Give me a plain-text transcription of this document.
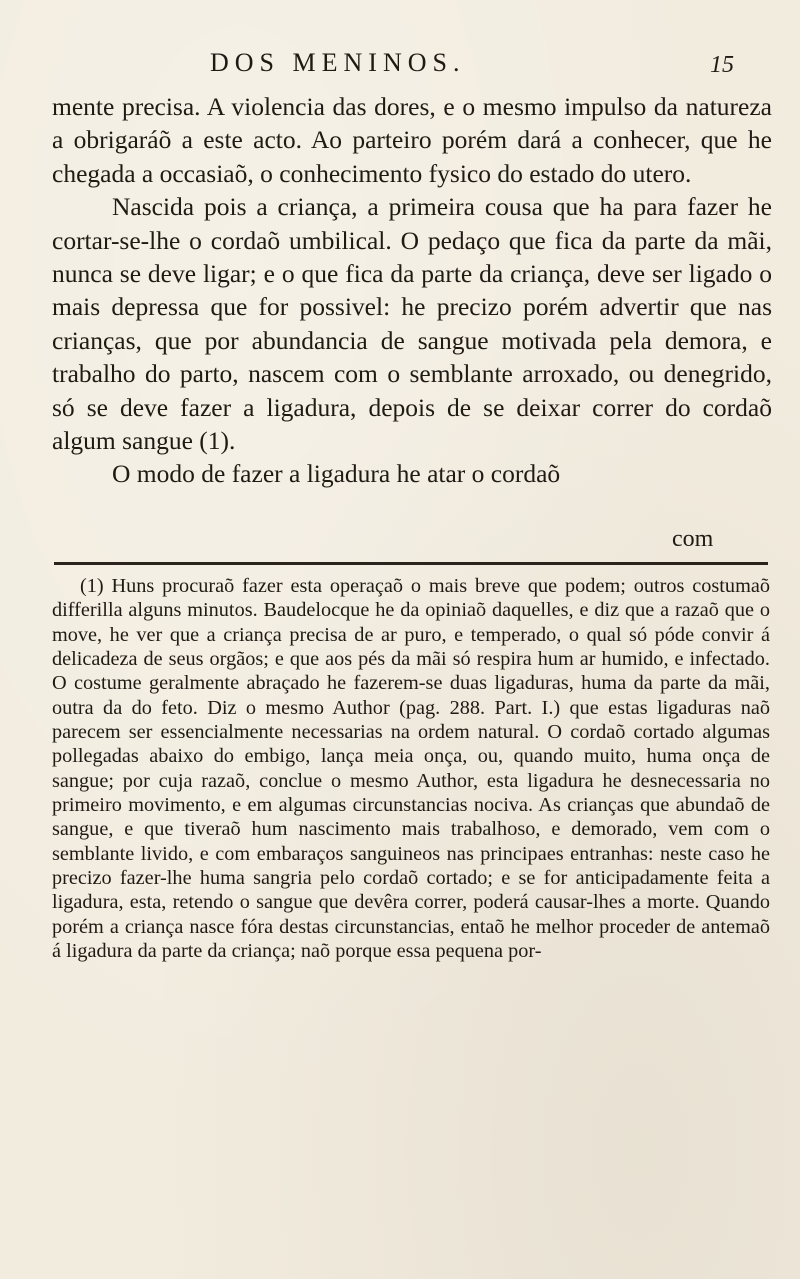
DOS MENINOS.	15

mente precisa. A violencia das dores, e o mesmo impulso da natureza a obrigaráõ a este acto. Ao parteiro porém dará a conhecer, que he chegada a occasiaõ, o conhecimento fysico do estado do utero.

Nascida pois a criança, a primeira cousa que ha para fazer he cortar-se-lhe o cordaõ umbilical. O pedaço que fica da parte da mãi, nunca se deve ligar; e o que fica da parte da criança, deve ser ligado o mais depressa que for possivel: he precizo porém advertir que nas crianças, que por abundancia de sangue motivada pela demora, e trabalho do parto, nascem com o semblante arroxado, ou denegrido, só se deve fazer a ligadura, depois de se deixar correr do cordaõ algum sangue (1).

O modo de fazer a ligadura he atar o cordaõ

com

(1) Huns procuraõ fazer esta operaçaõ o mais breve que podem; outros costumaõ differilla alguns minutos. Baudelocque he da opiniaõ daquelles, e diz que a razaõ que o move, he ver que a criança precisa de ar puro, e temperado, o qual só póde convir á delicadeza de seus orgãos; e que aos pés da mãi só respira hum ar humido, e infectado. O costume geralmente abraçado he fazerem-se duas ligaduras, huma da parte da mãi, outra da do feto. Diz o mesmo Author (pag. 288. Part. I.) que estas ligaduras naõ parecem ser essencialmente necessarias na ordem natural. O cordaõ cortado algumas pollegadas abaixo do embigo, lança meia onça, ou, quando muito, huma onça de sangue; por cuja razaõ, conclue o mesmo Author, esta ligadura he desnecessaria no primeiro movimento, e em algumas circunstancias nociva. As crianças que abundaõ de sangue, e que tiveraõ hum nascimento mais trabalhoso, e demorado, vem com o semblante livido, e com embaraços sanguineos nas principaes entranhas: neste caso he precizo fazer-lhe huma sangria pelo cordaõ cortado; e se for anticipadamente feita a ligadura, esta, retendo o sangue que devêra correr, poderá causar-lhes a morte. Quando porém a criança nasce fóra destas circunstancias, entaõ he melhor proceder de antemaõ á ligadura da parte da criança; naõ porque essa pequena por-
